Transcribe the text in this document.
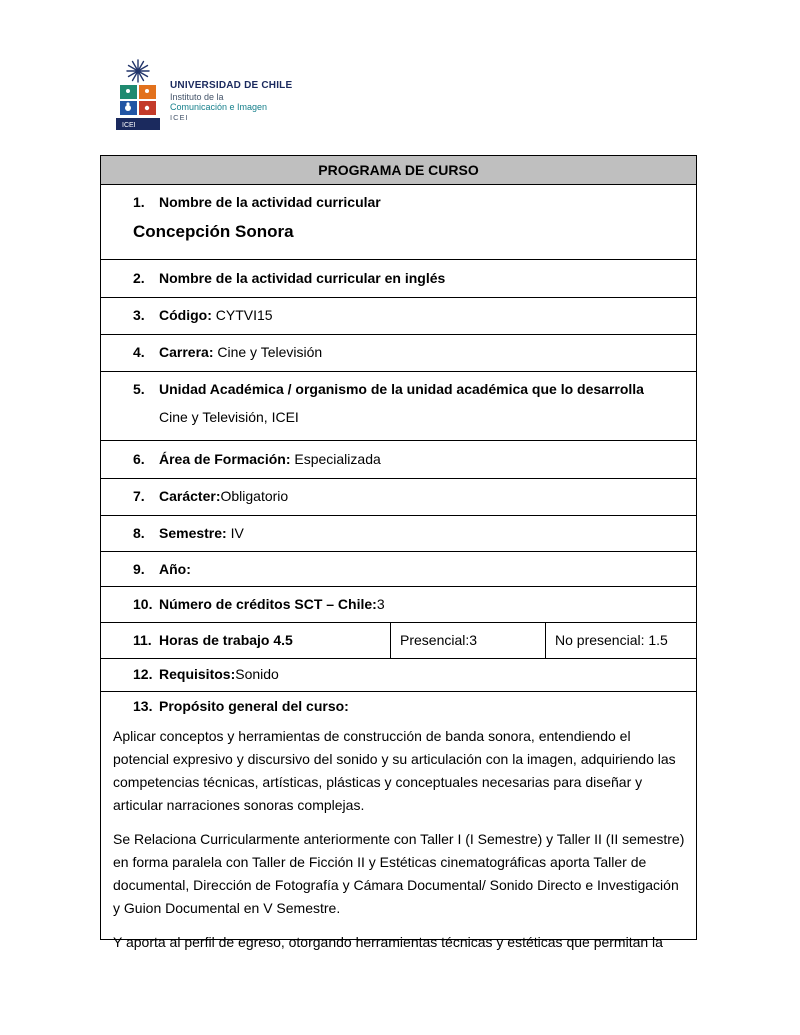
ICEI
UNIVERSIDAD DE CHILE
Instituto de la
Comunicación e Imagen
ICEI
PROGRAMA DE CURSO
1.	Nombre de la actividad curricular
Concepción Sonora
2.	Nombre de la actividad curricular en inglés
3.	Código: CYTVI15
4.	Carrera: Cine y Televisión
5.	Unidad Académica / organismo de la unidad académica que lo desarrolla
Cine y Televisión, ICEI
6.	Área de Formación: Especializada
7.	Carácter: Obligatorio
8.	Semestre: IV
9.	Año:
10. Número de créditos SCT – Chile: 3
11. Horas de trabajo 4.5	Presencial:3	No presencial: 1.5
12. Requisitos: Sonido
13. Propósito general del curso:

Aplicar conceptos y herramientas de construcción de banda sonora, entendiendo el potencial expresivo y discursivo del sonido y su articulación con la imagen, adquiriendo las competencias técnicas, artísticas, plásticas y conceptuales necesarias para diseñar y articular narraciones sonoras complejas.

Se Relaciona Curricularmente anteriormente con Taller I (I Semestre) y Taller II (II semestre) en forma paralela con Taller de Ficción II y Estéticas cinematográficas aporta Taller de documental, Dirección de Fotografía y Cámara Documental/ Sonido Directo e Investigación y Guion Documental en V Semestre.

Y aporta al perfil de egreso, otorgando herramientas técnicas y estéticas que permitan la
